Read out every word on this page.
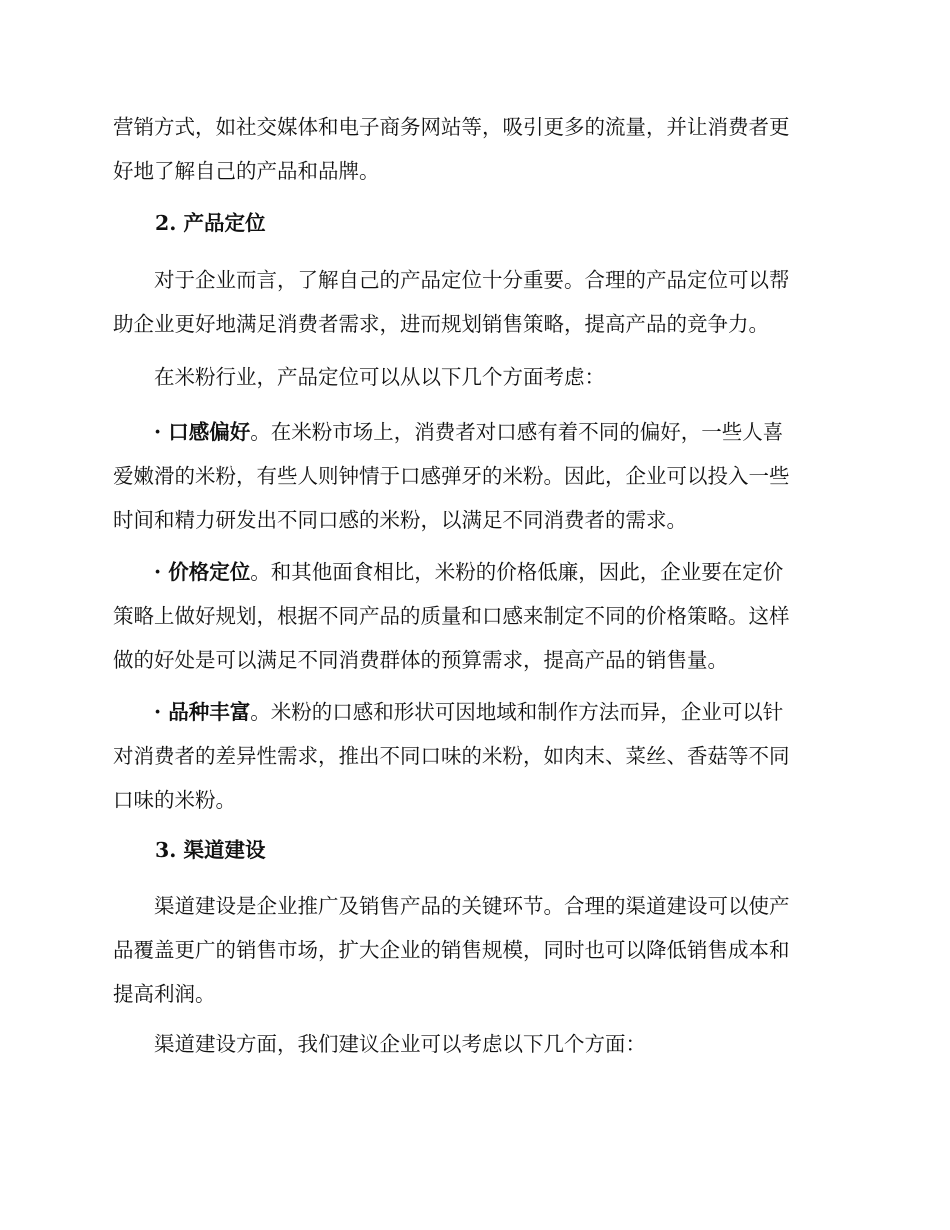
营销方式，如社交媒体和电子商务网站等，吸引更多的流量，并让消费者更
好地了解自己的产品和品牌。

2. 产品定位

对于企业而言，了解自己的产品定位十分重要。合理的产品定位可以帮
助企业更好地满足消费者需求，进而规划销售策略，提高产品的竞争力。

在米粉行业，产品定位可以从以下几个方面考虑：

· 口感偏好。在米粉市场上，消费者对口感有着不同的偏好，一些人喜
爱嫩滑的米粉，有些人则钟情于口感弹牙的米粉。因此，企业可以投入一些
时间和精力研发出不同口感的米粉，以满足不同消费者的需求。

· 价格定位。和其他面食相比，米粉的价格低廉，因此，企业要在定价
策略上做好规划，根据不同产品的质量和口感来制定不同的价格策略。这样
做的好处是可以满足不同消费群体的预算需求，提高产品的销售量。

· 品种丰富。米粉的口感和形状可因地域和制作方法而异，企业可以针
对消费者的差异性需求，推出不同口味的米粉，如肉末、菜丝、香菇等不同
口味的米粉。

3. 渠道建设

渠道建设是企业推广及销售产品的关键环节。合理的渠道建设可以使产
品覆盖更广的销售市场，扩大企业的销售规模，同时也可以降低销售成本和
提高利润。

渠道建设方面，我们建议企业可以考虑以下几个方面：
